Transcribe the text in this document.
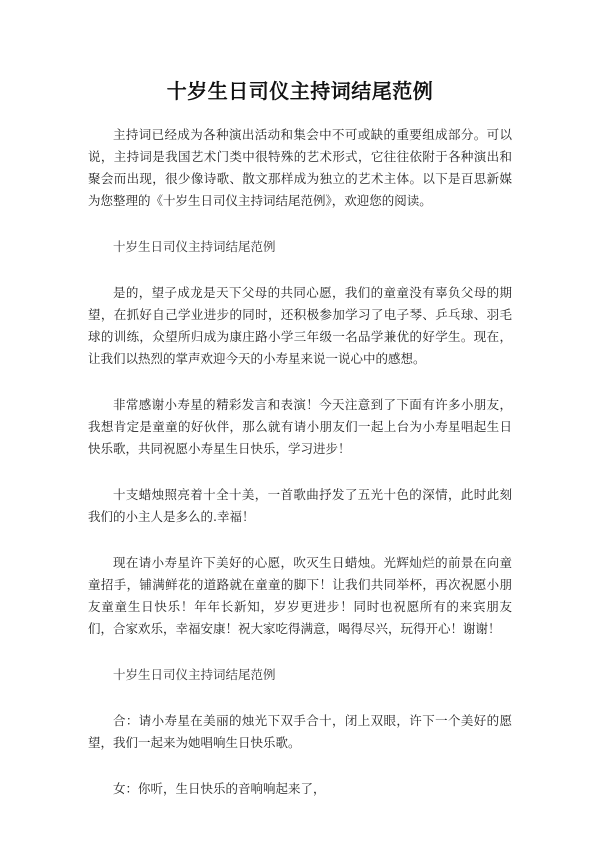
十岁生日司仪主持词结尾范例

主持词已经成为各种演出活动和集会中不可或缺的重要组成部分。可以说，主持词是我国艺术门类中很特殊的艺术形式，它往往依附于各种演出和聚会而出现，很少像诗歌、散文那样成为独立的艺术主体。以下是百思新媒为您整理的《十岁生日司仪主持词结尾范例》，欢迎您的阅读。

十岁生日司仪主持词结尾范例

是的，望子成龙是天下父母的共同心愿，我们的童童没有辜负父母的期望，在抓好自己学业进步的同时，还积极参加学习了电子琴、乒乓球、羽毛球的训练，众望所归成为康庄路小学三年级一名品学兼优的好学生。现在，让我们以热烈的掌声欢迎今天的小寿星来说一说心中的感想。

非常感谢小寿星的精彩发言和表演！今天注意到了下面有许多小朋友，我想肯定是童童的好伙伴，那么就有请小朋友们一起上台为小寿星唱起生日快乐歌，共同祝愿小寿星生日快乐，学习进步！

十支蜡烛照亮着十全十美，一首歌曲抒发了五光十色的深情，此时此刻我们的小主人是多么的.幸福！

现在请小寿星许下美好的心愿，吹灭生日蜡烛。光辉灿烂的前景在向童童招手，铺满鲜花的道路就在童童的脚下！让我们共同举杯，再次祝愿小朋友童童生日快乐！年年长新知，岁岁更进步！同时也祝愿所有的来宾朋友们，合家欢乐，幸福安康！祝大家吃得满意，喝得尽兴，玩得开心！谢谢！

十岁生日司仪主持词结尾范例

合：请小寿星在美丽的烛光下双手合十，闭上双眼，许下一个美好的愿望，我们一起来为她唱响生日快乐歌。

女：你听，生日快乐的音响响起来了，
